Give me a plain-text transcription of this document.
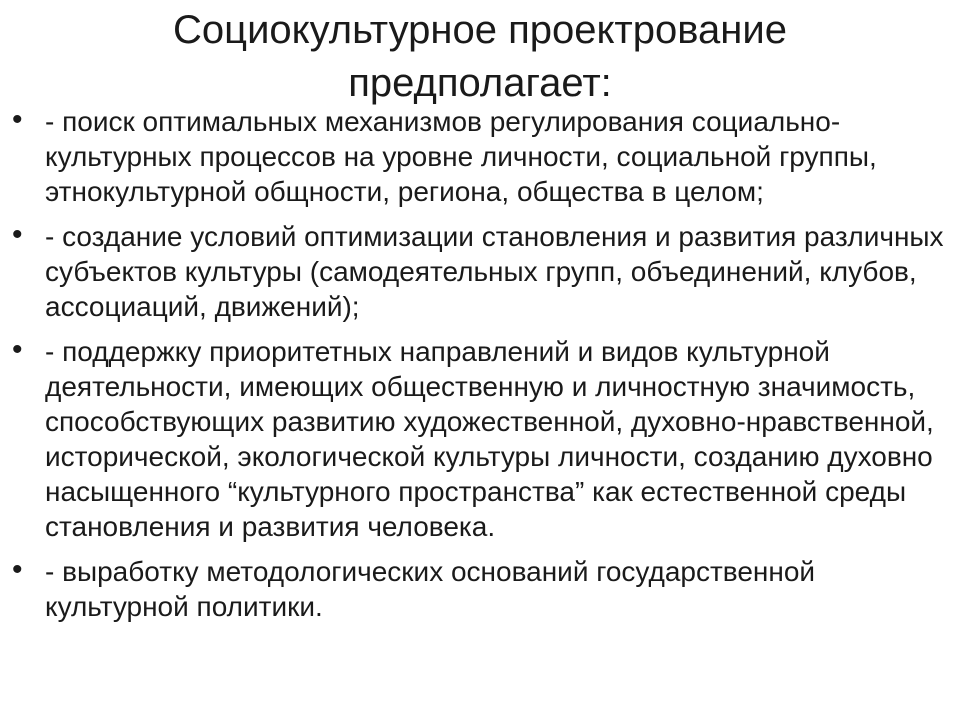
Социокультурное проектрование предполагает:
• - поиск оптимальных механизмов регулирования социально-культурных процессов на уровне личности, социальной группы, этнокультурной общности, региона, общества в целом;
• - создание условий оптимизации становления и развития различных субъектов культуры (самодеятельных групп, объединений, клубов, ассоциаций, движений);
• - поддержку приоритетных направлений и видов культурной деятельности, имеющих общественную и личностную значимость, способствующих развитию художественной, духовно-нравственной, исторической, экологической культуры личности, созданию духовно насыщенного “культурного пространства” как естественной среды становления и развития человека.
• - выработку методологических оснований государственной культурной политики.
